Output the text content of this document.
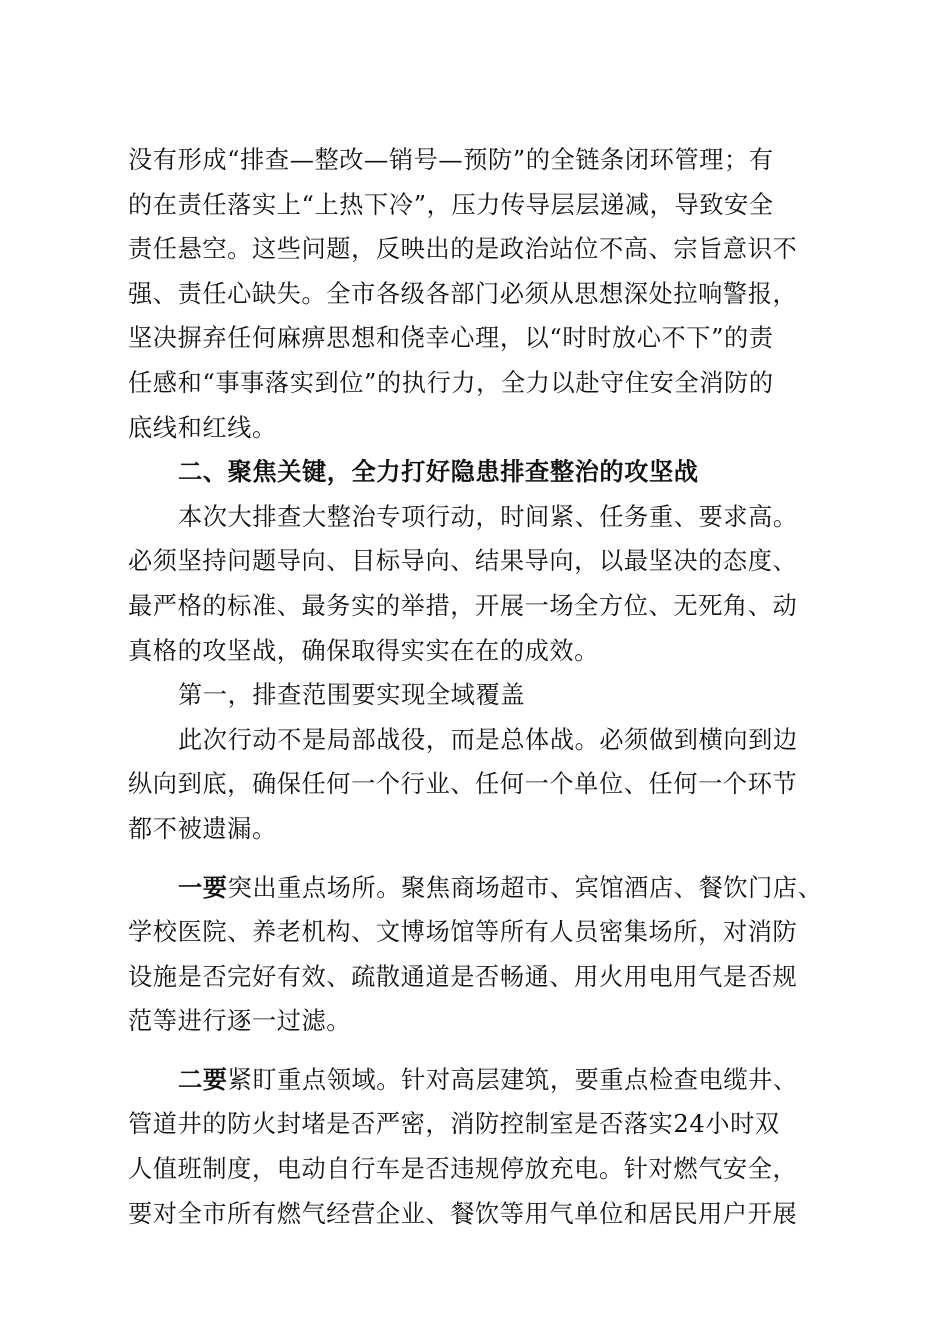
没有形成“排查—整改—销号—预防”的全链条闭环管理；有
的在责任落实上“上热下冷”，压力传导层层递减，导致安全
责任悬空。这些问题，反映出的是政治站位不高、宗旨意识不
强、责任心缺失。全市各级各部门必须从思想深处拉响警报，
坚决摒弃任何麻痹思想和侥幸心理，以“时时放心不下”的责
任感和“事事落实到位”的执行力，全力以赴守住安全消防的
底线和红线。
二、聚焦关键，全力打好隐患排查整治的攻坚战
本次大排查大整治专项行动，时间紧、任务重、要求高。
必须坚持问题导向、目标导向、结果导向，以最坚决的态度、
最严格的标准、最务实的举措，开展一场全方位、无死角、动
真格的攻坚战，确保取得实实在在的成效。
第一，排查范围要实现全域覆盖
此次行动不是局部战役，而是总体战。必须做到横向到边
纵向到底，确保任何一个行业、任何一个单位、任何一个环节
都不被遗漏。
一要突出重点场所。聚焦商场超市、宾馆酒店、餐饮门店、
学校医院、养老机构、文博场馆等所有人员密集场所，对消防
设施是否完好有效、疏散通道是否畅通、用火用电用气是否规
范等进行逐一过滤。
二要紧盯重点领域。针对高层建筑，要重点检查电缆井、
管道井的防火封堵是否严密，消防控制室是否落实24小时双
人值班制度，电动自行车是否违规停放充电。针对燃气安全，
要对全市所有燃气经营企业、餐饮等用气单位和居民用户开展
